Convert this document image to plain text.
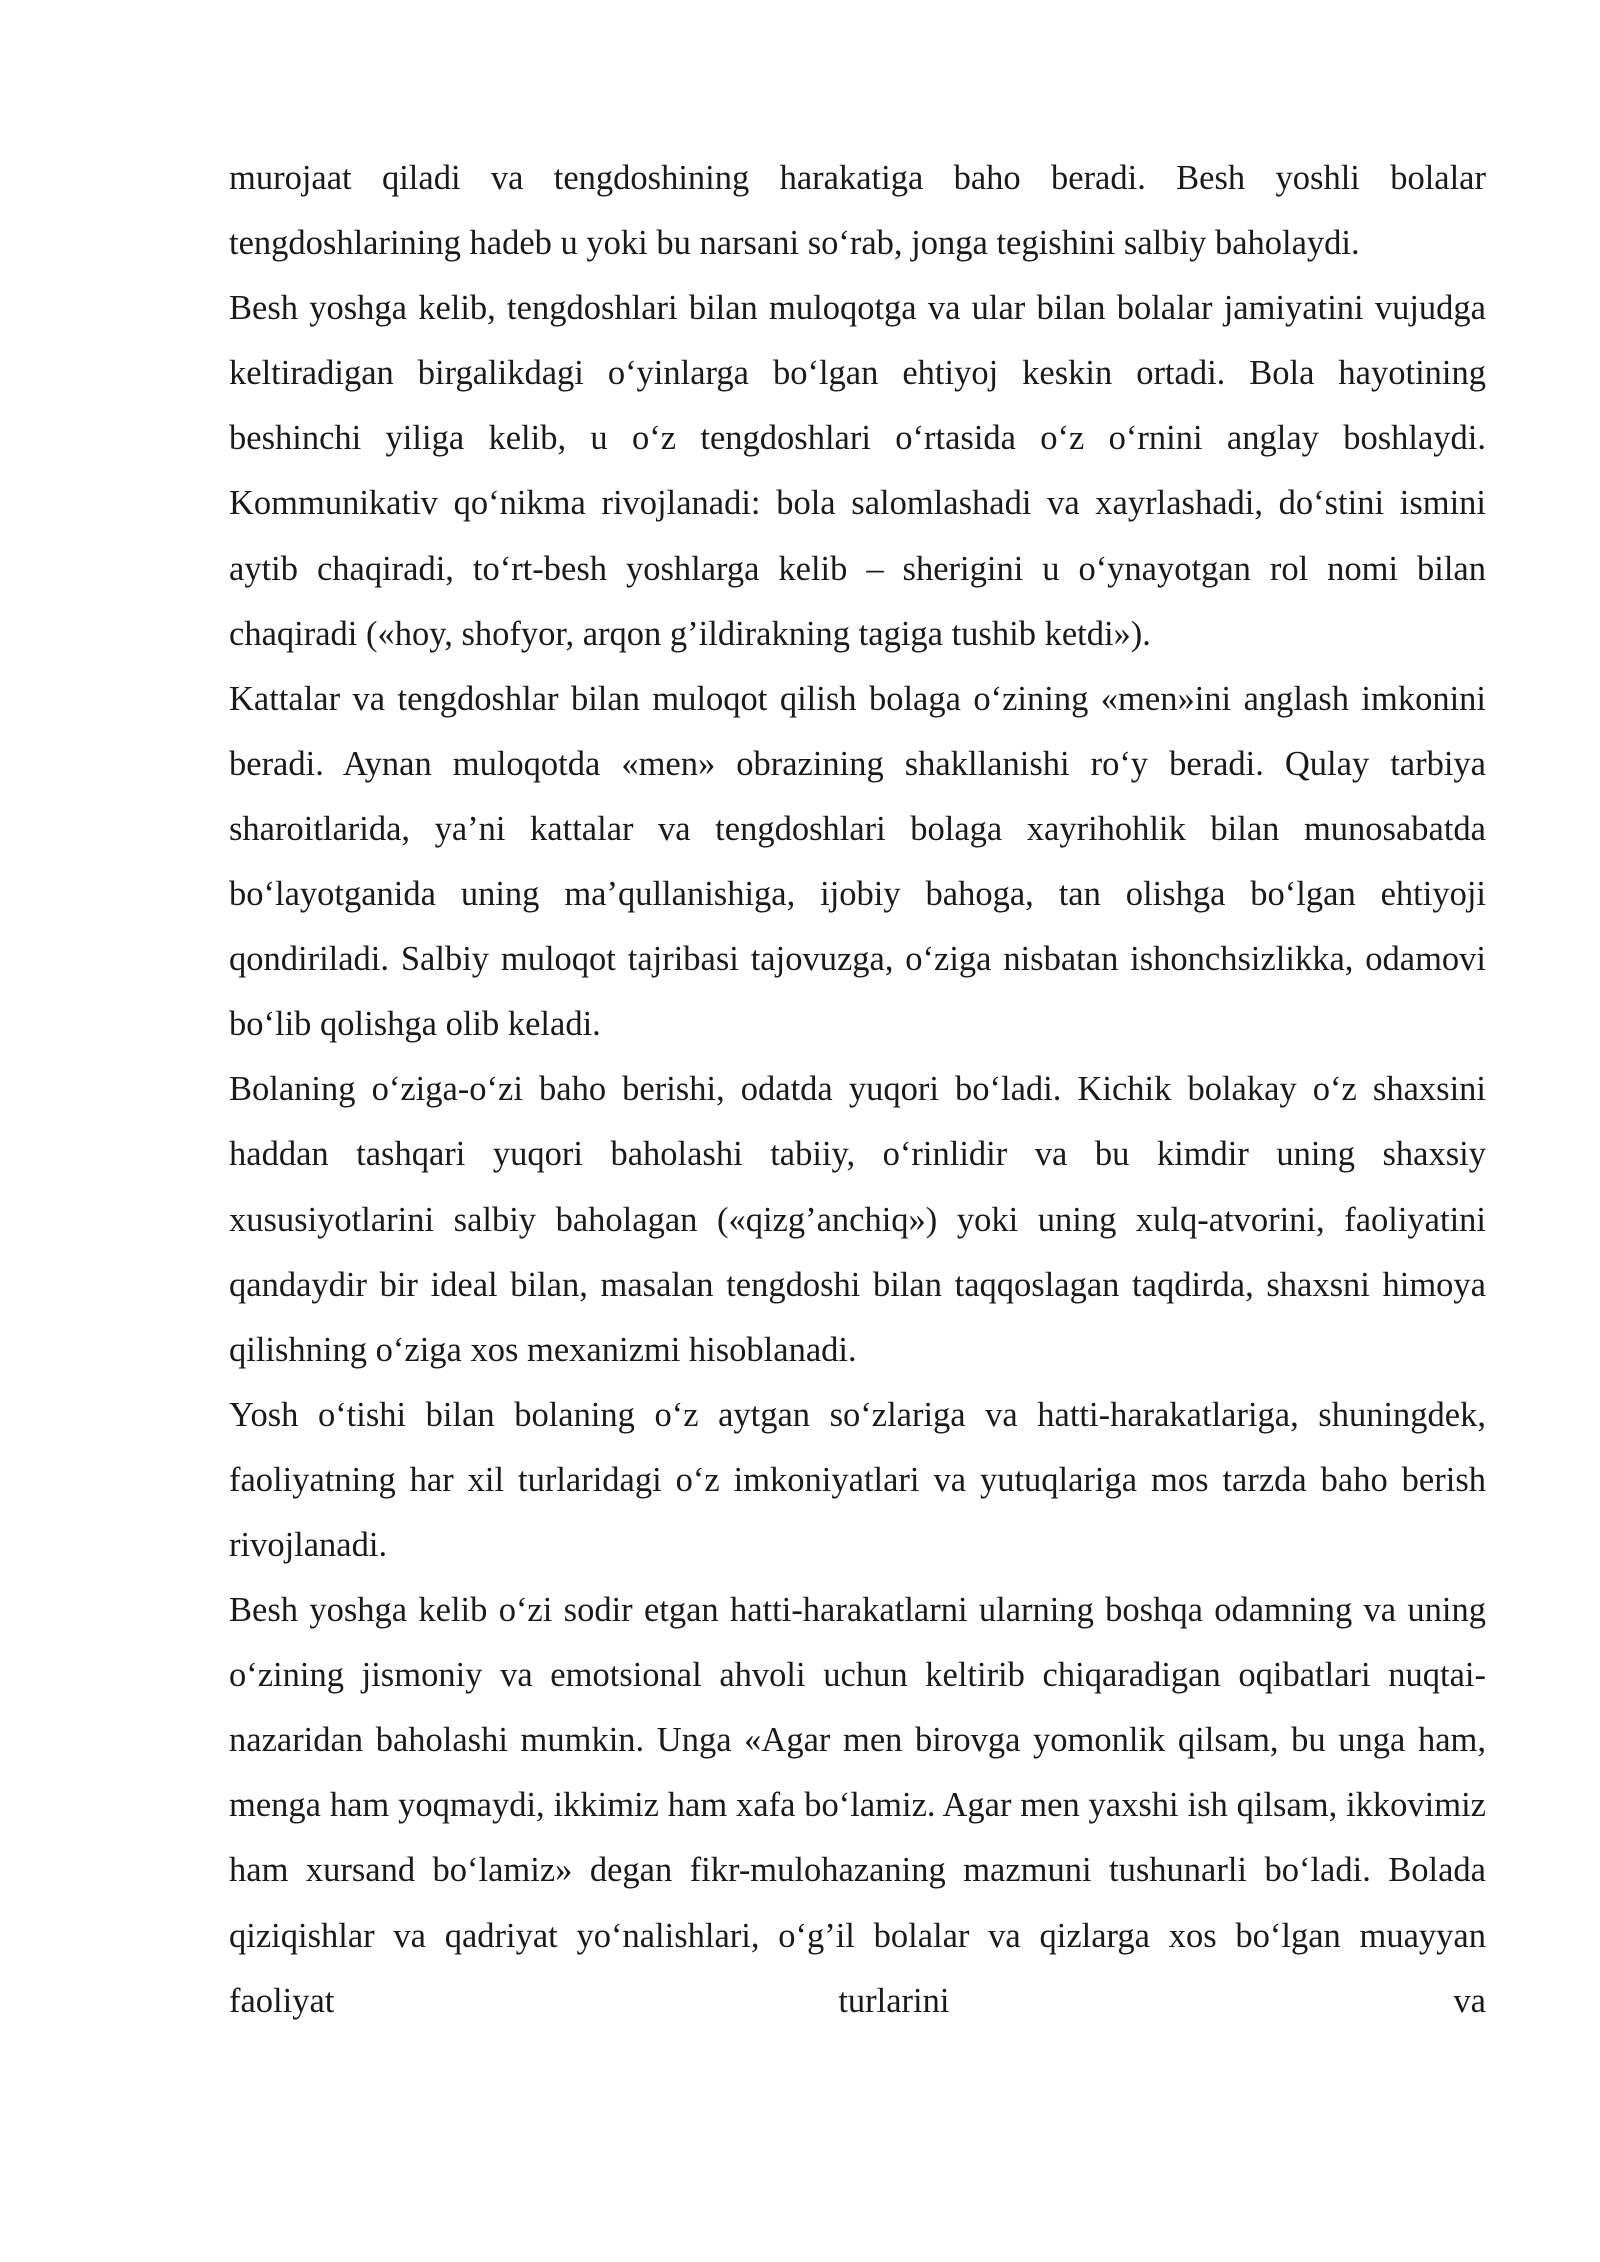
murojaat qiladi va tengdoshining harakatiga baho beradi. Besh yoshli bolalar tengdoshlarining hadeb u yoki bu narsani so‘rab, jonga tegishini salbiy baholaydi.

Besh yoshga kelib, tengdoshlari bilan muloqotga va ular bilan bolalar jamiyatini vujudga keltiradigan birgalikdagi o‘yinlarga bo‘lgan ehtiyoj keskin ortadi. Bola hayotining beshinchi yiliga kelib, u o‘z tengdoshlari o‘rtasida o‘z o‘rnini anglay boshlaydi. Kommunikativ qo‘nikma rivojlanadi: bola salomlashadi va xayrlashadi, do‘stini ismini aytib chaqiradi, to‘rt-besh yoshlarga kelib – sherigini u o‘ynayotgan rol nomi bilan chaqiradi («hoy, shofyor, arqon g’ildirakning tagiga tushib ketdi»).

Kattalar va tengdoshlar bilan muloqot qilish bolaga o‘zining «men»ini anglash imkonini beradi. Aynan muloqotda «men» obrazining shakllanishi ro‘y beradi. Qulay tarbiya sharoitlarida, ya’ni kattalar va tengdoshlari bolaga xayrihohlik bilan munosabatda bo‘layotganida uning ma’qullanishiga, ijobiy bahoga, tan olishga bo‘lgan ehtiyoji qondiriladi. Salbiy muloqot tajribasi tajovuzga, o‘ziga nisbatan ishonchsizlikka, odamovi bo‘lib qolishga olib keladi.

Bolaning o‘ziga-o‘zi baho berishi, odatda yuqori bo‘ladi. Kichik bolakay o‘z shaxsini haddan tashqari yuqori baholashi tabiiy, o‘rinlidir va bu kimdir uning shaxsiy xususiyotlarini salbiy baholagan («qizg’anchiq») yoki uning xulq-atvorini, faoliyatini qandaydir bir ideal bilan, masalan tengdoshi bilan taqqoslagan taqdirda, shaxsni himoya qilishning o‘ziga xos mexanizmi hisoblanadi.

Yosh o‘tishi bilan bolaning o‘z aytgan so‘zlariga va hatti-harakatlariga, shuningdek, faoliyatning har xil turlaridagi o‘z imkoniyatlari va yutuqlariga mos tarzda baho berish rivojlanadi.

Besh yoshga kelib o‘zi sodir etgan hatti-harakatlarni ularning boshqa odamning va uning o‘zining jismoniy va emotsional ahvoli uchun keltirib chiqaradigan oqibatlari nuqtai-nazaridan baholashi mumkin. Unga «Agar men birovga yomonlik qilsam, bu unga ham, menga ham yoqmaydi, ikkimiz ham xafa bo‘lamiz. Agar men yaxshi ish qilsam, ikkovimiz ham xursand bo‘lamiz» degan fikr-mulohazaning mazmuni tushunarli bo‘ladi. Bolada qiziqishlar va qadriyat yo‘nalishlari, o‘g’il bolalar va qizlarga xos bo‘lgan muayyan faoliyat turlarini va
